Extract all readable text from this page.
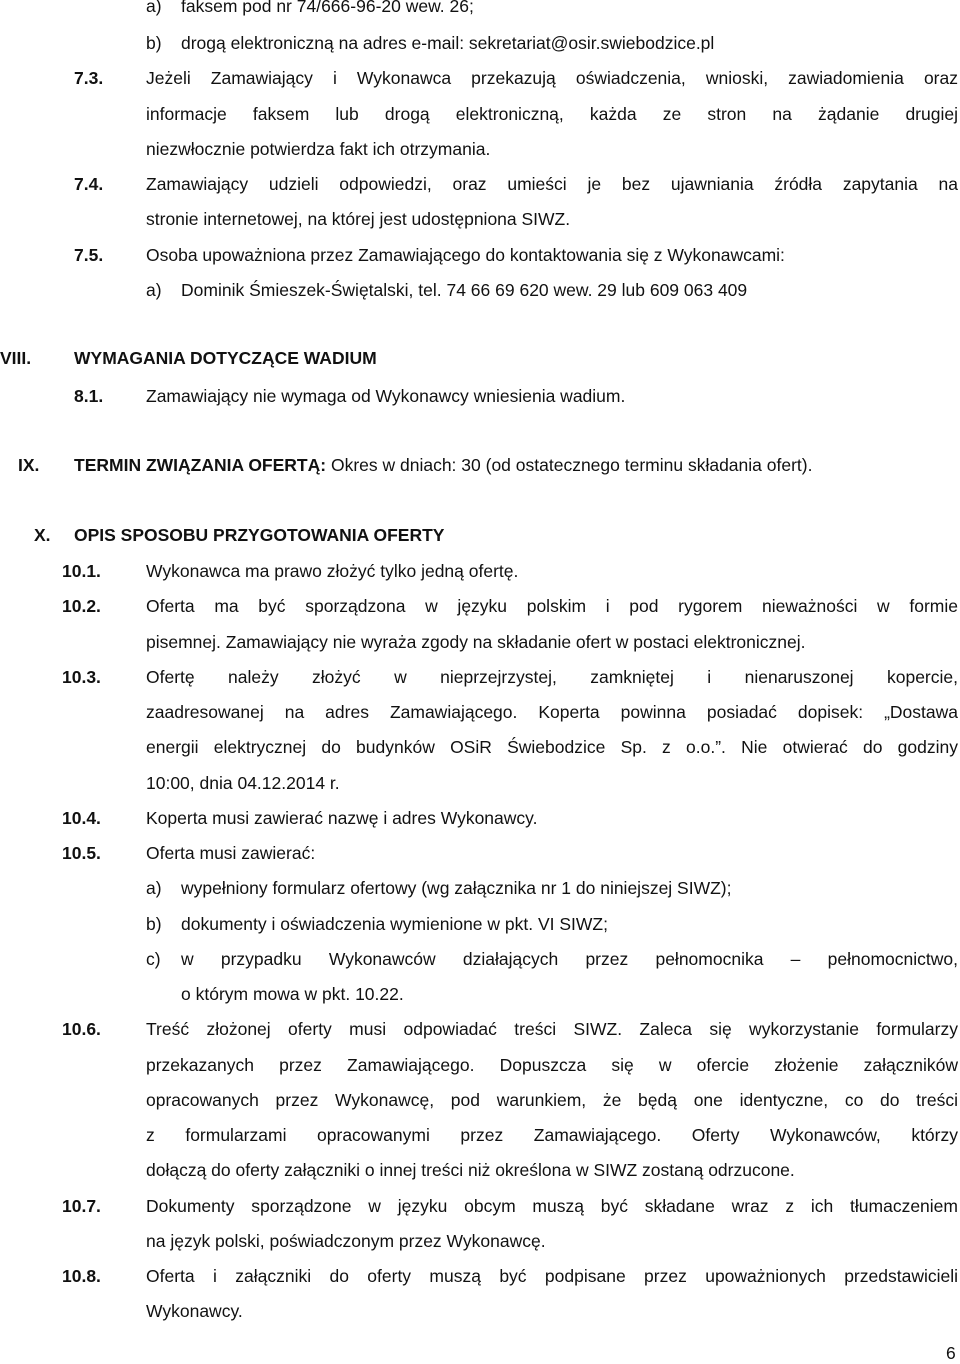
a) faksem pod nr 74/666-96-20 wew. 26;
b) drogą elektroniczną na adres e-mail: sekretariat@osir.swiebodzice.pl
7.3. Jeżeli Zamawiający i Wykonawca przekazują oświadczenia, wnioski, zawiadomienia oraz
informacje faksem lub drogą elektroniczną, każda ze stron na żądanie drugiej
niezwłocznie potwierdza fakt ich otrzymania.
7.4. Zamawiający udzieli odpowiedzi, oraz umieści je bez ujawniania źródła zapytania na
stronie internetowej, na której jest udostępniona SIWZ.
7.5. Osoba upoważniona przez Zamawiającego do kontaktowania się z Wykonawcami:
a) Dominik Śmieszek-Świętalski, tel. 74 66 69 620 wew. 29 lub 609 063 409
VIII. WYMAGANIA DOTYCZĄCE WADIUM
8.1. Zamawiający nie wymaga od Wykonawcy wniesienia wadium.
IX. TERMIN ZWIĄZANIA OFERTĄ: Okres w dniach: 30 (od ostatecznego terminu składania ofert).
X. OPIS SPOSOBU PRZYGOTOWANIA OFERTY
10.1.	Wykonawca ma prawo złożyć tylko jedną ofertę.
10.2.	Oferta ma być sporządzona w języku polskim i pod rygorem nieważności w formie
pisemnej. Zamawiający nie wyraża zgody na składanie ofert w postaci elektronicznej.
10.3.	Ofertę należy złożyć w nieprzejrzystej, zamkniętej i nienaruszonej kopercie,
zaadresowanej na adres Zamawiającego. Koperta powinna posiadać dopisek: „Dostawa
energii elektrycznej do budynków OSiR Świebodzice Sp. z o.o.”. Nie otwierać do godziny
10:00, dnia 04.12.2014 r.
10.4.	Koperta musi zawierać nazwę i adres Wykonawcy.
10.5.	Oferta musi zawierać:
a) wypełniony formularz ofertowy (wg załącznika nr 1 do niniejszej SIWZ);
b) dokumenty i oświadczenia wymienione w pkt. VI SIWZ;
c) w przypadku Wykonawców działających przez pełnomocnika – pełnomocnictwo,
o którym mowa w pkt. 10.22.
10.6.	Treść złożonej oferty musi odpowiadać treści SIWZ. Zaleca się wykorzystanie formularzy
przekazanych przez Zamawiającego. Dopuszcza się w ofercie złożenie załączników
opracowanych przez Wykonawcę, pod warunkiem, że będą one identyczne, co do treści
z formularzami opracowanymi przez Zamawiającego. Oferty Wykonawców, którzy
dołączą do oferty załączniki o innej treści niż określona w SIWZ zostaną odrzucone.
10.7.	Dokumenty sporządzone w języku obcym muszą być składane wraz z ich tłumaczeniem
na język polski, poświadczonym przez Wykonawcę.
10.8.	Oferta i załączniki do oferty muszą być podpisane przez upoważnionych przedstawicieli
Wykonawcy.
6
